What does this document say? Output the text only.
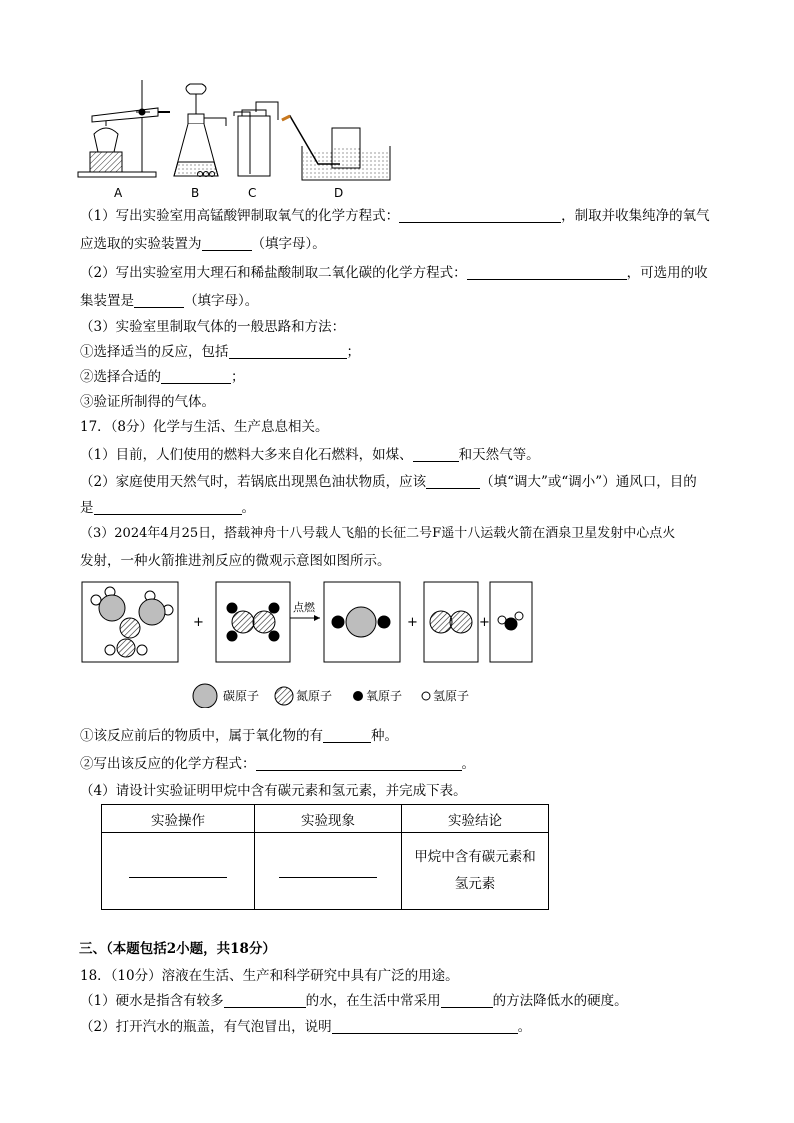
A	B	C	D
（1）写出实验室用高锰酸钾制取氧气的化学方程式：	，制取并收集纯净的氧气
应选取的实验装置为	（填字母）。
（2）写出实验室用大理石和稀盐酸制取二氧化碳的化学方程式：	，可选用的收
集装置是	（填字母）。
（3）实验室里制取气体的一般思路和方法：
①选择适当的反应，包括	；
②选择合适的	；
③验证所制得的气体。
17．（8分）化学与生活、生产息息相关。
（1）目前，人们使用的燃料大多来自化石燃料，如煤、	和天然气等。
（2）家庭使用天然气时，若锅底出现黑色油状物质，应该	（填“调大”或“调小”）通风口，目的
是	。
（3）2024年4月25日，搭载神舟十八号载人飞船的长征二号F遥十八运载火箭在酒泉卫星发射中心点火
发射，一种火箭推进剂反应的微观示意图如图所示。
+
点燃
+	+
碳原子	氮原子	氧原子	氢原子
①该反应前后的物质中，属于氧化物的有	种。
②写出该反应的化学方程式：	。
（4）请设计实验证明甲烷中含有碳元素和氢元素，并完成下表。
实验操作	实验现象	实验结论
		甲烷中含有碳元素和
氢元素
三、（本题包括2小题，共18分）
18．（10分）溶液在生活、生产和科学研究中具有广泛的用途。
（1）硬水是指含有较多	的水，在生活中常采用	的方法降低水的硬度。
（2）打开汽水的瓶盖，有气泡冒出，说明	。
